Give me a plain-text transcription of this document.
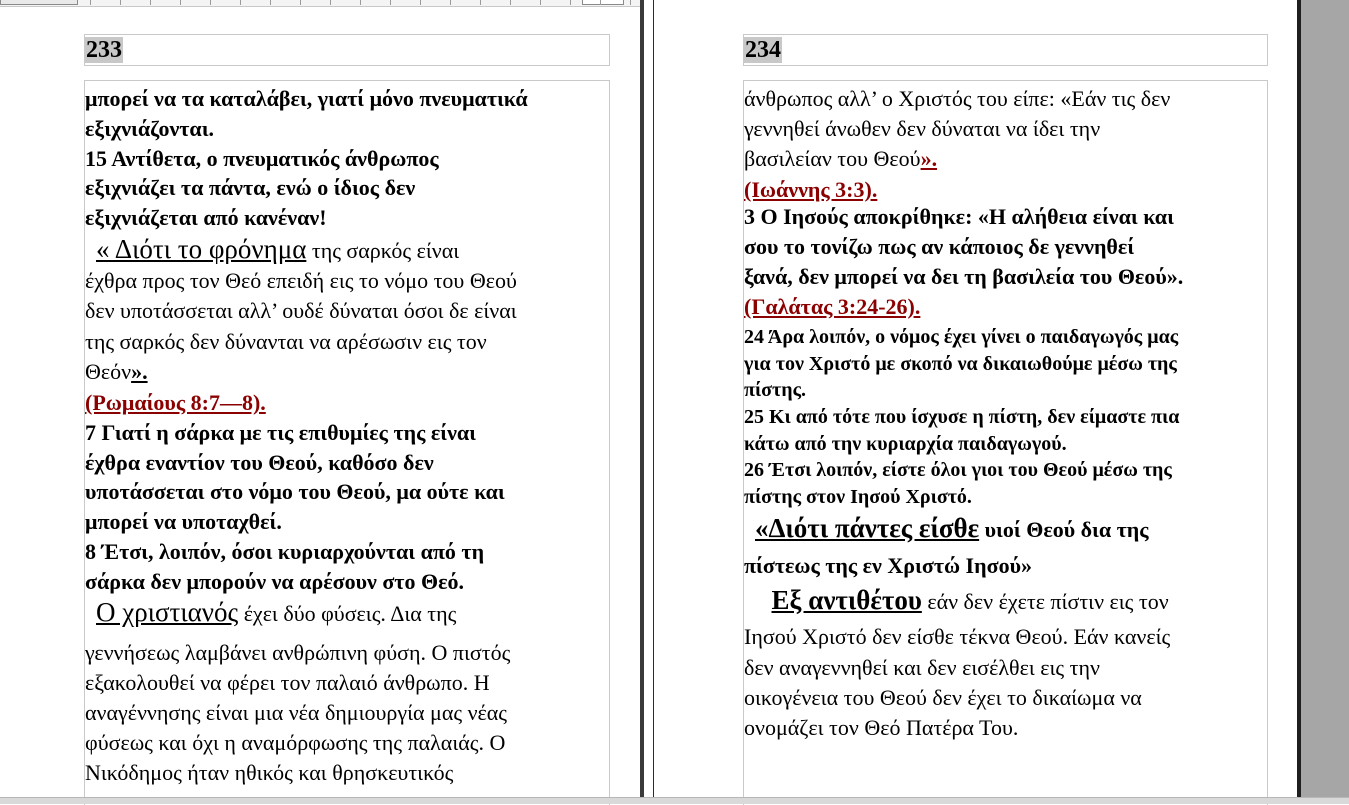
233
μπορεί να τα καταλάβει, γιατί μόνο πνευματικά
εξιχνιάζονται.
15 Αντίθετα, ο πνευματικός άνθρωπος
εξιχνιάζει τα πάντα, ενώ ο ίδιος δεν
εξιχνιάζεται από κανέναν!
« Διότι το φρόνημα της σαρκός είναι
έχθρα προς τον Θεό επειδή εις το νόμο του Θεού
δεν υποτάσσεται αλλ’ ουδέ δύναται όσοι δε είναι
της σαρκός δεν δύνανται να αρέσωσιν εις τον
Θεόν».
(Ρωμαίους 8:7—8).
7 Γιατί η σάρκα με τις επιθυμίες της είναι
έχθρα εναντίον του Θεού, καθόσο δεν
υποτάσσεται στο νόμο του Θεού, μα ούτε και
μπορεί να υποταχθεί.
8 Έτσι, λοιπόν, όσοι κυριαρχούνται από τη
σάρκα δεν μπορούν να αρέσουν στο Θεό.
Ο χριστιανός έχει δύο φύσεις. Δια της
γεννήσεως λαμβάνει ανθρώπινη φύση. Ο πιστός
εξακολουθεί να φέρει τον παλαιό άνθρωπο. Η
αναγέννησης είναι μια νέα δημιουργία μας νέας
φύσεως και όχι η αναμόρφωσης της παλαιάς. Ο
Νικόδημος ήταν ηθικός και θρησκευτικός
234
άνθρωπος αλλ’ ο Χριστός του είπε: «Εάν τις δεν
γεννηθεί άνωθεν δεν δύναται να ίδει την
βασιλείαν του Θεού».
(Ιωάννης 3:3).
3 Ο Ιησούς αποκρίθηκε: «Η αλήθεια είναι και
σου το τονίζω πως αν κάποιος δε γεννηθεί
ξανά, δεν μπορεί να δει τη βασιλεία του Θεού».
(Γαλάτας 3:24-26).
24 Άρα λοιπόν, ο νόμος έχει γίνει ο παιδαγωγός μας
για τον Χριστό με σκοπό να δικαιωθούμε μέσω της
πίστης.
25 Κι από τότε που ίσχυσε η πίστη, δεν είμαστε πια
κάτω από την κυριαρχία παιδαγωγού.
26 Έτσι λοιπόν, είστε όλοι γιοι του Θεού μέσω της
πίστης στον Ιησού Χριστό.
«Διότι πάντες είσθε υιοί Θεού δια της
πίστεως της εν Χριστώ Ιησού»
Εξ αντιθέτου εάν δεν έχετε πίστιν εις τον
Ιησού Χριστό δεν είσθε τέκνα Θεού. Εάν κανείς
δεν αναγεννηθεί και δεν εισέλθει εις την
οικογένεια του Θεού δεν έχει το δικαίωμα να
ονομάζει τον Θεό Πατέρα Του.
